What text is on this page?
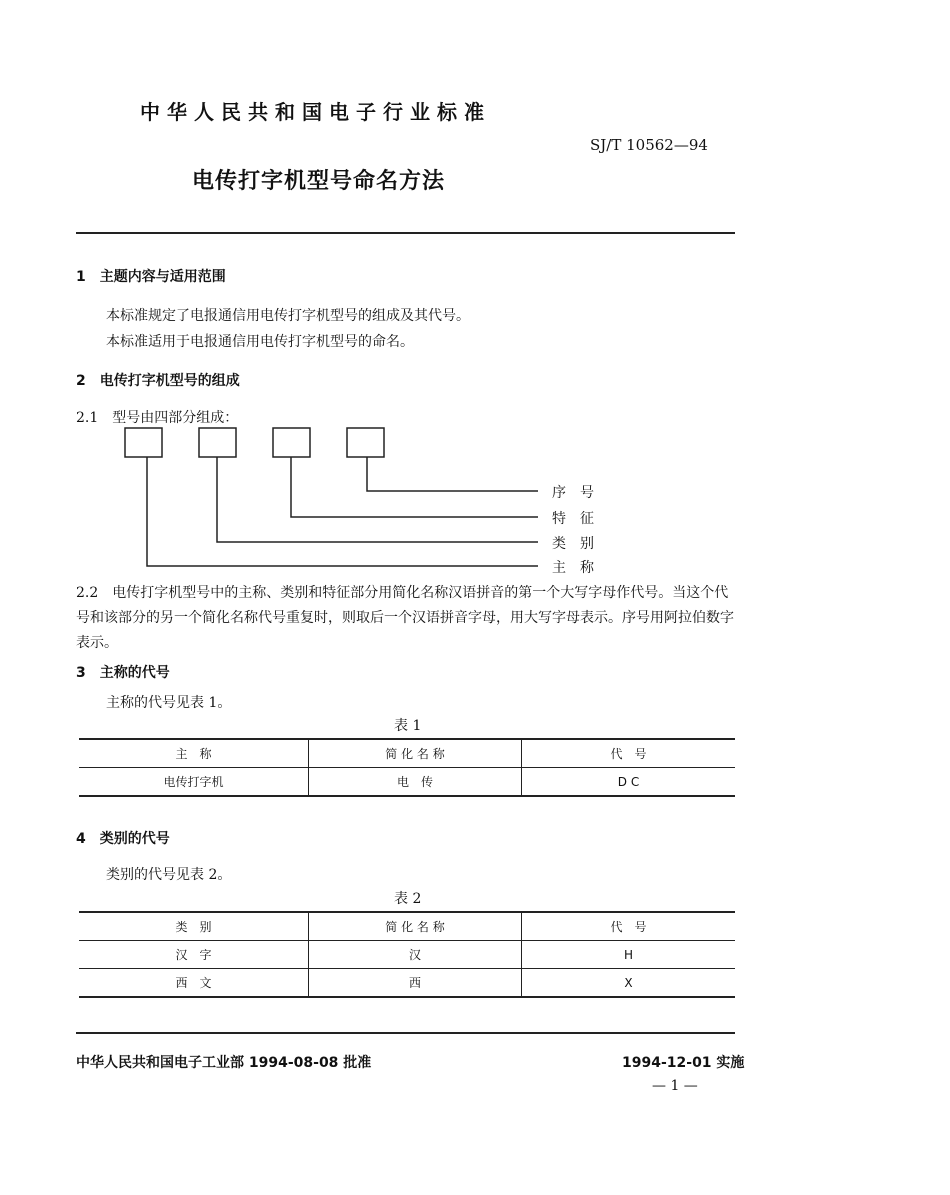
中华人民共和国电子行业标准
SJ/T 10562—94
电传打字机型号命名方法
1　主题内容与适用范围
本标准规定了电报通信用电传打字机型号的组成及其代号。
本标准适用于电报通信用电传打字机型号的命名。
2　电传打字机型号的组成
2.1　型号由四部分组成：
序　号
特　征
类　别
主　称
2.2　电传打字机型号中的主称、类别和特征部分用简化名称汉语拼音的第一个大写字母作代号。当这个代号和该部分的另一个简化名称代号重复时，则取后一个汉语拼音字母，用大写字母表示。序号用阿拉伯数字表示。
3　主称的代号
主称的代号见表 1。
表 1
主　称	简 化 名 称	代　号
电传打字机	电　传	D C
4　类别的代号
类别的代号见表 2。
表 2
类　别	简 化 名 称	代　号
汉　字	汉	H
西　文	西	X
中华人民共和国电子工业部 1994-08-08 批准	1994-12-01 实施
— 1 —
